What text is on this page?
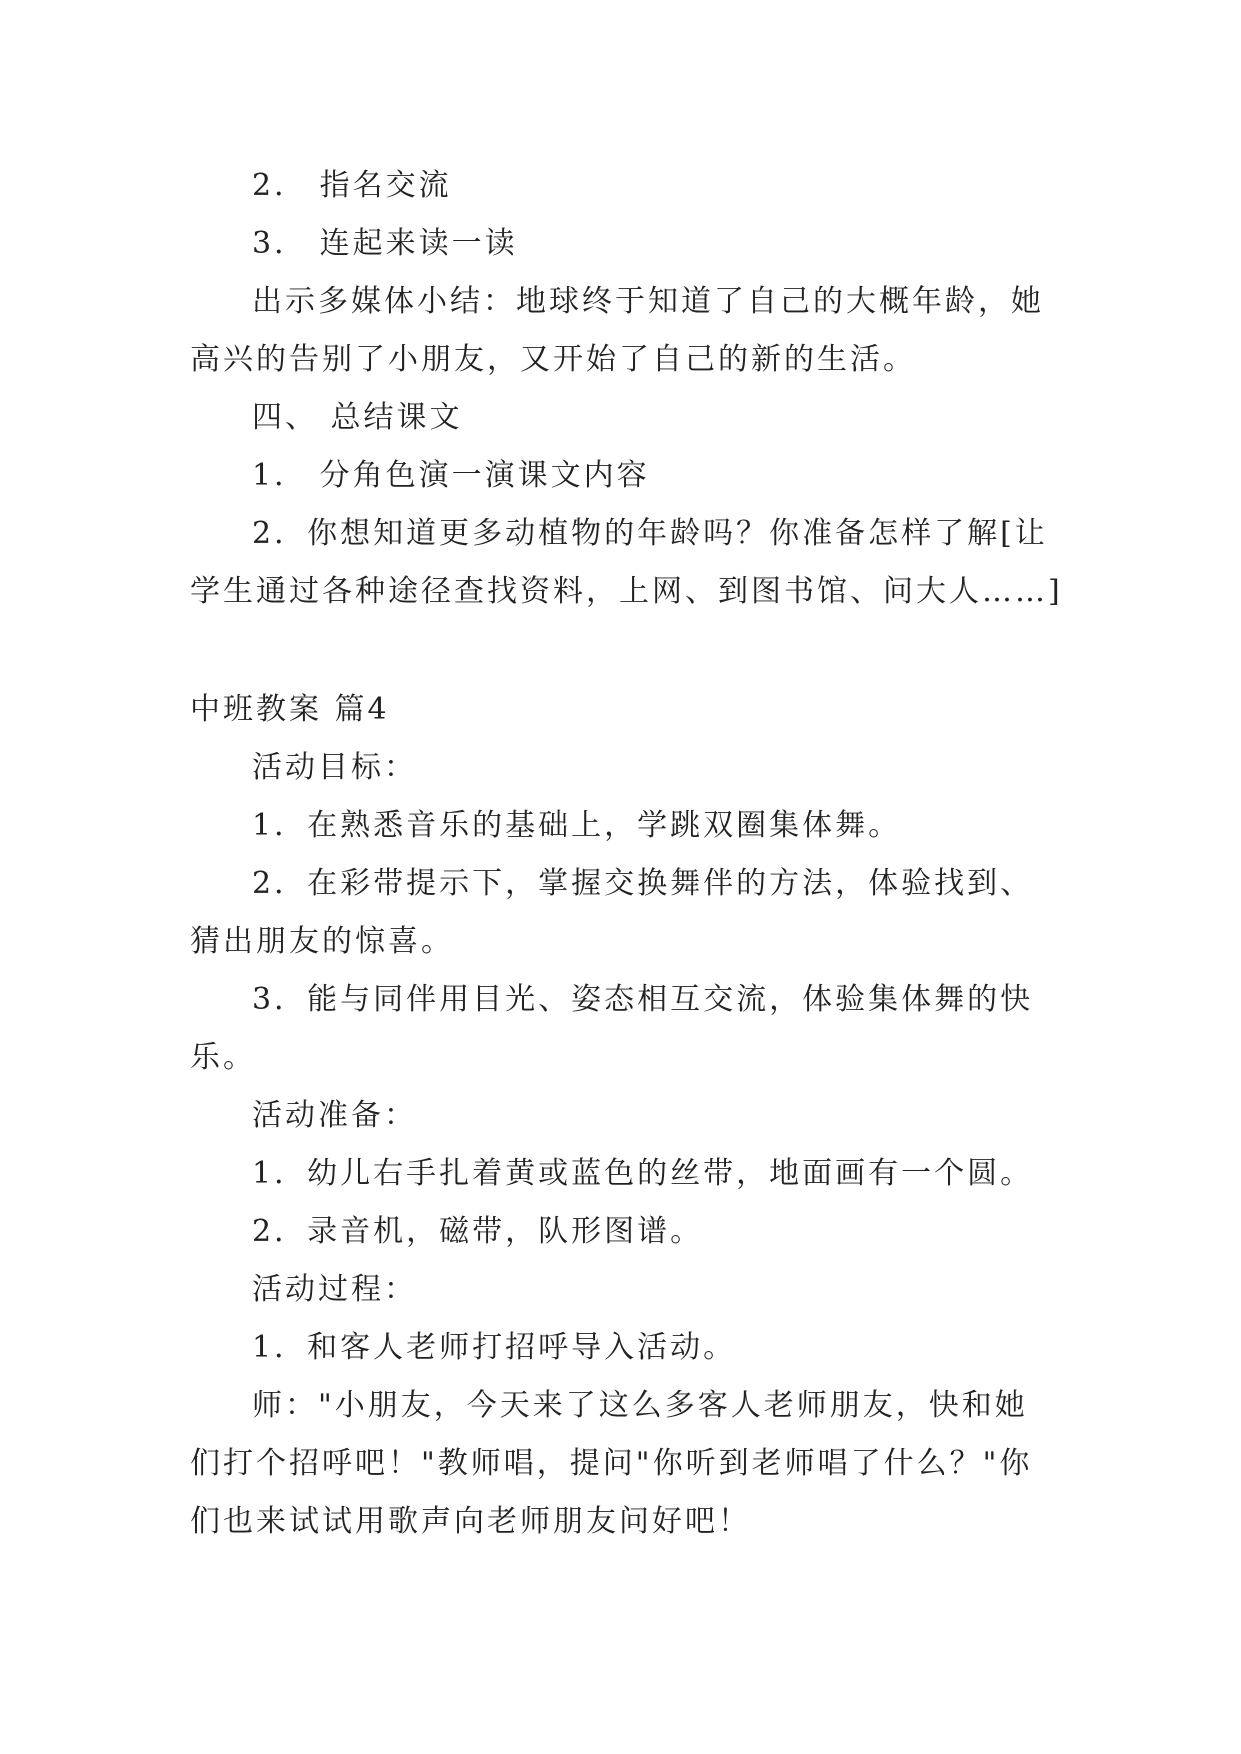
2． 指名交流
3． 连起来读一读
出示多媒体小结：地球终于知道了自己的大概年龄，她
高兴的告别了小朋友，又开始了自己的新的生活。
四、 总结课文
1． 分角色演一演课文内容
2．你想知道更多动植物的年龄吗？你准备怎样了解[让
学生通过各种途径查找资料，上网、到图书馆、问大人……]
中班教案 篇4
活动目标：
1．在熟悉音乐的基础上，学跳双圈集体舞。
2．在彩带提示下，掌握交换舞伴的方法，体验找到、
猜出朋友的惊喜。
3．能与同伴用目光、姿态相互交流，体验集体舞的快
乐。
活动准备：
1．幼儿右手扎着黄或蓝色的丝带，地面画有一个圆。
2．录音机，磁带，队形图谱。
活动过程：
1．和客人老师打招呼导入活动。
师："小朋友，今天来了这么多客人老师朋友，快和她
们打个招呼吧！"教师唱，提问"你听到老师唱了什么？"你
们也来试试用歌声向老师朋友问好吧！
